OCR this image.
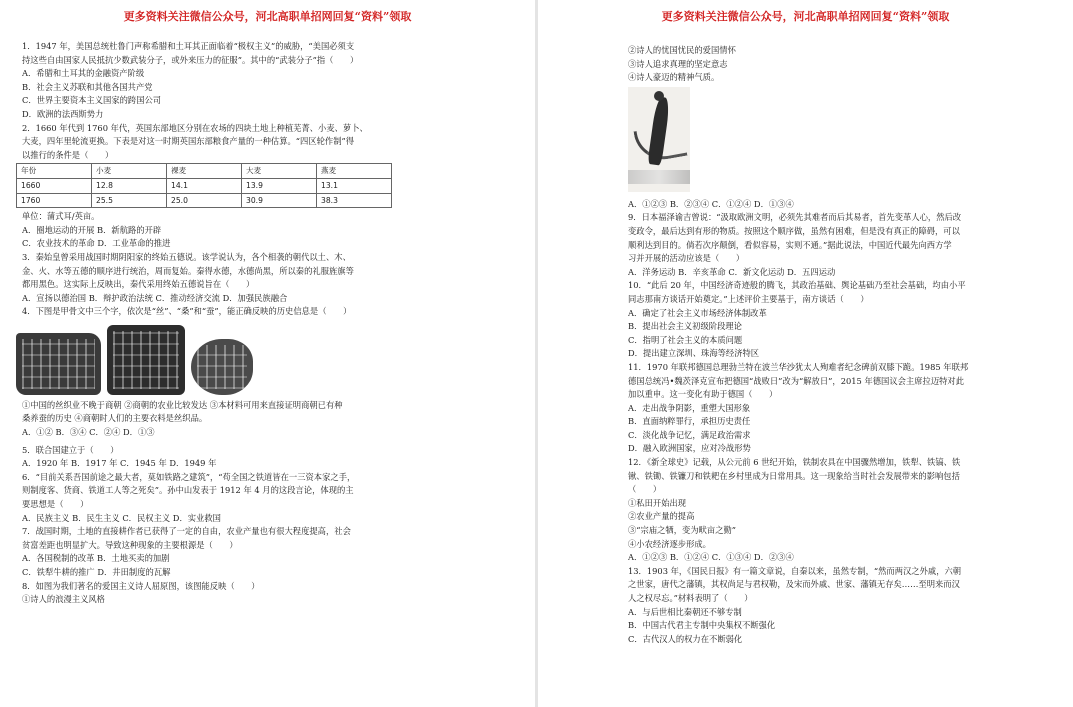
更多资料关注微信公众号，河北高职单招网回复“资料”领取
1．1947 年，美国总统杜鲁门声称希腊和土耳其正面临着“极权主义”的威胁，“美国必须支
持这些自由国家人民抵抗少数武装分子，或外来压力的征服”。其中的“武装分子”指（　　）
A．希腊和土耳其的金融资产阶级
B．社会主义苏联和其他各国共产党
C．世界主要资本主义国家的跨国公司
D．欧洲的法西斯势力
2．1660 年代到 1760 年代，英国东部地区分别在农场的四块土地上种植芜菁、小麦、萝卜、
大麦，四年里轮流更换。下表是对这一时期英国东部粮食产量的一种估算。“四区轮作制”得
以推行的条件是（　　）
年份	小麦	裸麦	大麦	燕麦
1660	12.8	14.1	13.9	13.1
1760	25.5	25.0	30.9	38.3
单位：蒲式耳/英亩。
A．圈地运动的开展 B．新航路的开辟
C．农业技术的革命 D．工业革命的推进
3．秦始皇曾采用战国时期阴阳家的终始五德说。该学说认为，各个相袭的朝代以土、木、
金、火、水等五德的顺序进行统治，周而复始。秦得水德，水德尚黑，所以秦的礼服旌旗等
都用黑色。这实际上反映出，秦代采用终始五德说旨在（　　）
A．宣扬以德治国 B．辩护政治法统 C．推动经济交流 D．加强民族融合
4．下图是甲骨文中三个字，依次是“丝”、“桑”和“蚕”，能正确反映的历史信息是（　　）
①中国的丝织业不晚于商朝 ②商朝的农业比较发达 ③本材料可用来直接证明商朝已有种
桑养蚕的历史 ④商朝时人们的主要衣料是丝织品。
A．①② B．③④ C．②④ D．①③
5．联合国建立于（　　）
A．1920 年 B．1917 年 C．1945 年 D．1949 年
6．“目前关系吾国前途之最大者，莫如铁路之建筑”，“苟全国之铁道皆在一三资本家之手，
则制度客、货商、铁道工人等之死矣”。孙中山发表于 1912 年 4 月的这段言论，体现的主
要思想是（　　）
A．民族主义 B．民生主义 C．民权主义 D．实业救国
7．战国时期，土地的直接耕作者已获得了一定的自由，农业产量也有很大程度提高，社会
贫富差距也明显扩大。导致这种现象的主要根源是（　　）
A．各国税制的改革 B．土地买卖的加剧
C．铁犁牛耕的推广 D．井田制度的瓦解
8．如图为我们著名的爱国主义诗人屈原图，该图能反映（　　）
①诗人的浪漫主义风格
更多资料关注微信公众号，河北高职单招网回复“资料”领取
②诗人的忧国忧民的爱国情怀
③诗人追求真理的坚定意志
④诗人豪迈的精神气质。
A．①②③ B．②③④ C．①②④ D．①③④
9．日本福泽谕吉曾说：“汲取欧洲文明，必须先其难者而后其易者，首先变革人心，然后改
变政令，最后达到有形的物质。按照这个顺序做，虽然有困难，但是没有真正的障碍，可以
顺利达到目的。倘若次序颠倒，看似容易，实则不通。”据此说法，中国近代最先向西方学
习并开展的活动应该是（　　）
A．洋务运动 B．辛亥革命 C．新文化运动 D．五四运动
10．“此后 20 年，中国经济奇迹般的腾飞，其政治基础、舆论基础乃至社会基础，均由小平
同志那南方谈话开始奠定。”上述评价主要基于，南方谈话（　　）
A．确定了社会主义市场经济体制改革
B．提出社会主义初级阶段理论
C．指明了社会主义的本质问题
D．提出建立深圳、珠海等经济特区
11．1970 年联邦德国总理勃兰特在波兰华沙犹太人殉难者纪念碑前双膝下跪。1985 年联邦
德国总统冯•魏茨泽克宣布把德国“战败日”改为“解放日”，2015 年德国议会主席拉迈特对此
加以重申。这一变化有助于德国（　　）
A．走出战争阴影，重塑大国形象
B．直面纳粹罪行，承担历史责任
C．淡化战争记忆，满足政治需求
D．融入欧洲国家，应对冷战形势
12．《新全球史》记载，从公元前 6 世纪开始，铁制农具在中国骤然增加，铁犁、铁镐、铁
锹、铁锄、铁镰刀和铁耙在乡村里成为日常用具。这一现象给当时社会发展带来的影响包括
（　　）
①私田开始出现
②农业产量的提高
③“宗庙之牺，变为畎亩之勤”
④小农经济逐步形成。
A．①②③ B．①②④ C．①③④ D．②③④
13．1903 年，《国民日报》有一篇文章说，自秦以来，虽然专制，“然而两汉之外戚，六朝
之世家，唐代之藩镇，其权尚足与君权勒，及宋而外戚、世家、藩镇无存矣……至明来而汉
人之权尽忘。”材料表明了（　　）
A．与后世相比秦朝还不够专制
B．中国古代君主专制中央集权不断强化
C．古代汉人的权力在不断弱化
